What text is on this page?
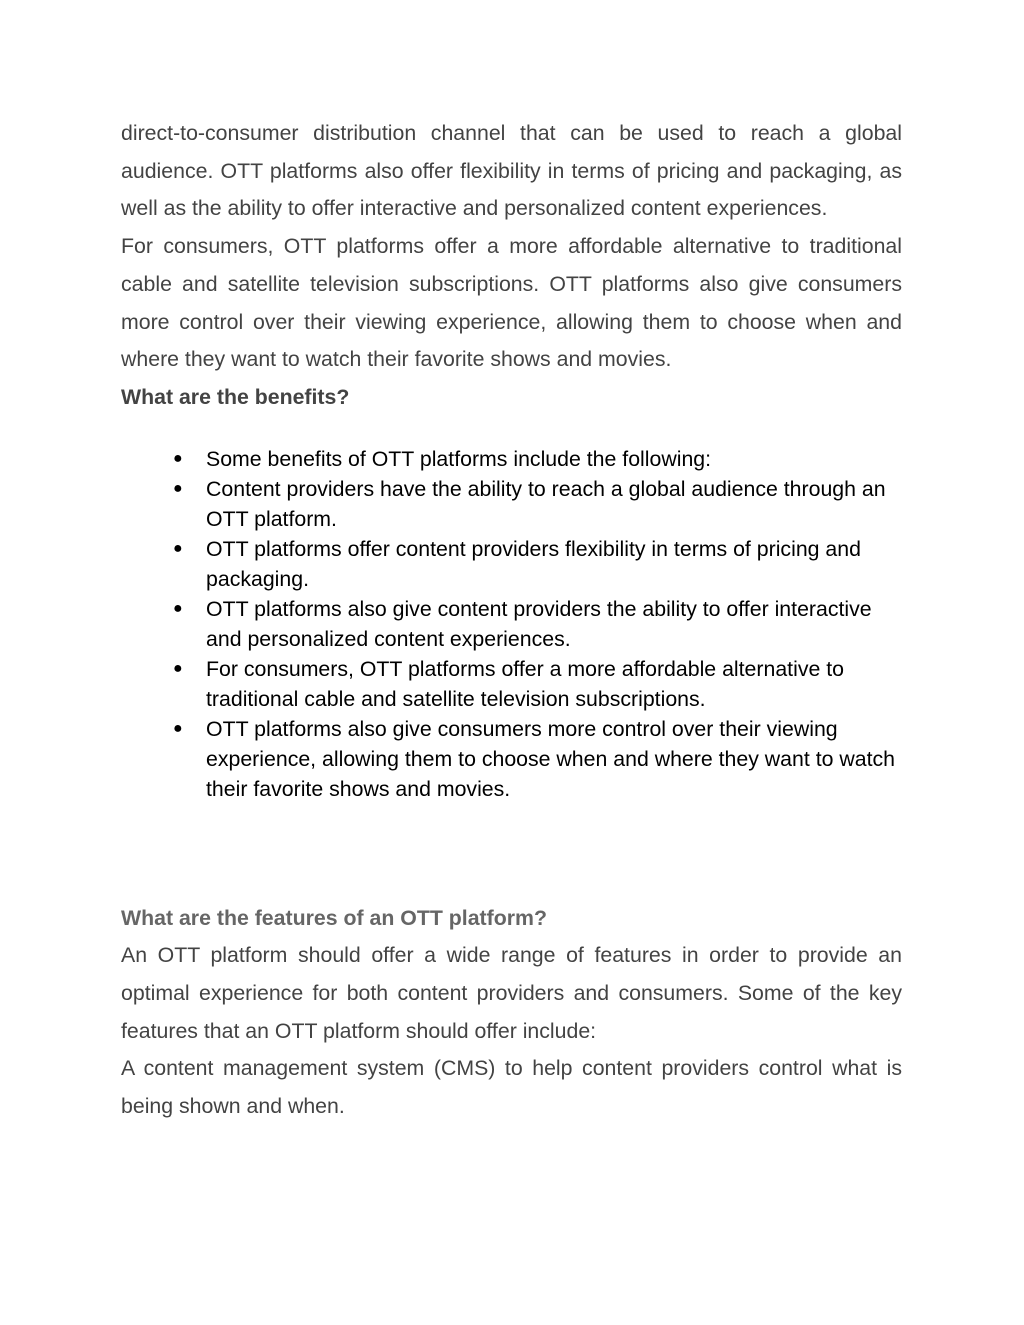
direct-to-consumer distribution channel that can be used to reach a global audience. OTT platforms also offer flexibility in terms of pricing and packaging, as well as the ability to offer interactive and personalized content experiences.

For consumers, OTT platforms offer a more affordable alternative to traditional cable and satellite television subscriptions. OTT platforms also give consumers more control over their viewing experience, allowing them to choose when and where they want to watch their favorite shows and movies.

What are the benefits?

● Some benefits of OTT platforms include the following:
● Content providers have the ability to reach a global audience through an OTT platform.
● OTT platforms offer content providers flexibility in terms of pricing and packaging.
● OTT platforms also give content providers the ability to offer interactive and personalized content experiences.
● For consumers, OTT platforms offer a more affordable alternative to traditional cable and satellite television subscriptions.
● OTT platforms also give consumers more control over their viewing experience, allowing them to choose when and where they want to watch their favorite shows and movies.

What are the features of an OTT platform?

An OTT platform should offer a wide range of features in order to provide an optimal experience for both content providers and consumers. Some of the key features that an OTT platform should offer include:

A content management system (CMS) to help content providers control what is being shown and when.
